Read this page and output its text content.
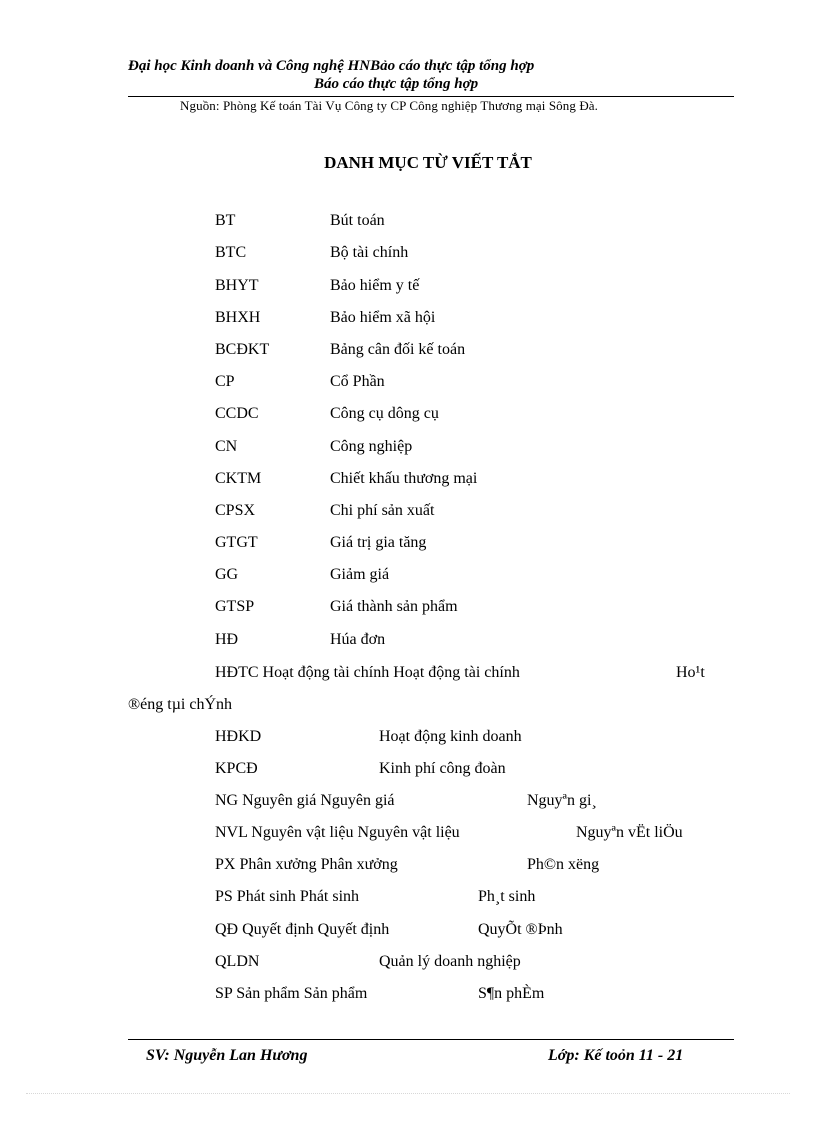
Đại học Kinh doanh và Công nghệ HNBảo cáo thực tập tổng hợp
Báo cáo thực tập tổng hợp
Nguồn: Phòng Kế toán Tài Vụ Công ty CP Công nghiệp Thương mại Sông Đà.
DANH MỤC TỪ VIẾT TẮT
BT	Bút toán
BTC	Bộ tài chính
BHYT	Bảo hiểm y tế
BHXH	Bảo hiểm xã hội
BCĐKT	Bảng cân đối kế toán
CP	Cổ Phần
CCDC	Công cụ dông cụ
CN	Công nghiệp
CKTM	Chiết khấu thương mại
CPSX	Chi phí sản xuất
GTGT	Giá trị gia tăng
GG	Giảm giá
GTSP	Giá thành sản phẩm
HĐ	Húa đơn
HĐTC Hoạt động tài chính Hoạt động tài chính	Ho¹t
®éng tµi chÝnh
HĐKD	Hoạt động kinh doanh
KPCĐ	Kinh phí công đoàn
NG Nguyên giá Nguyên giá	Nguyªn gi¸
NVL Nguyên vật liệu Nguyên vật liệu	Nguyªn vËt liÖu
PX Phân xưởng Phân xưởng	Ph©n xëng
PS Phát sinh Phát sinh	Ph¸t sinh
QĐ Quyết định Quyết định	QuyÕt ®Þnh
QLDN	Quản lý doanh nghiệp
SP Sản phẩm Sản phẩm	S¶n phÈm
SV: Nguyễn Lan Hương	Lớp: Kế toỏn 11 - 21
